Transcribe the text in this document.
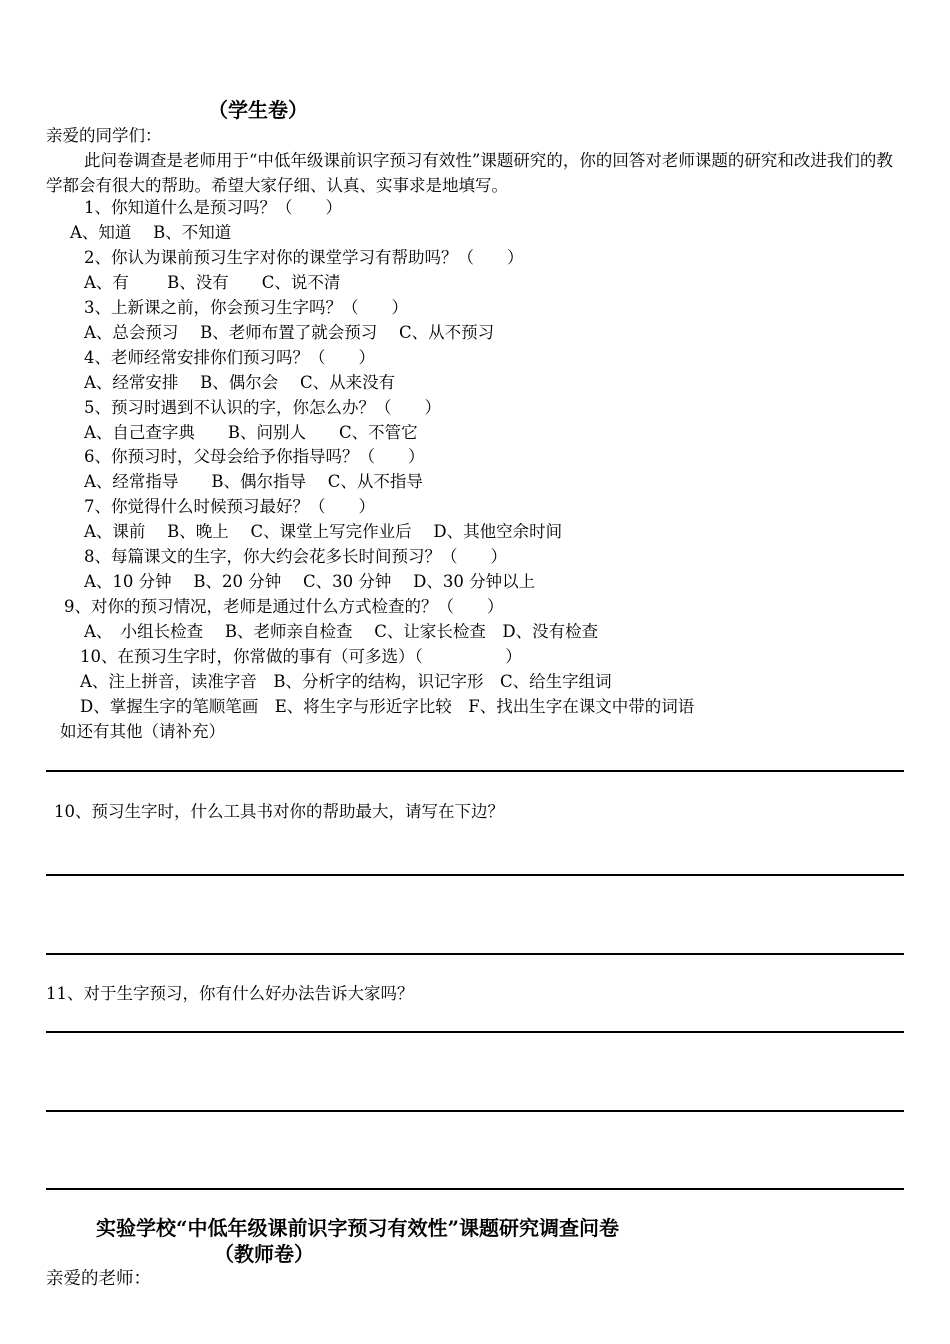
（学生卷）
亲爱的同学们：
此问卷调查是老师用于“中低年级课前识字预习有效性”课题研究的，你的回答对老师课题的研究和改进我们的教学都会有很大的帮助。希望大家仔细、认真、实事求是地填写。
1、你知道什么是预习吗？（　　）
A、知道　 B、不知道
2、你认为课前预习生字对你的课堂学习有帮助吗？（　　）
A、有　　 B、没有　　C、说不清
3、上新课之前，你会预习生字吗？（　　）
A、总会预习　 B、老师布置了就会预习　 C、从不预习
4、老师经常安排你们预习吗？（　　）
A、经常安排　 B、偶尔会　 C、从来没有
5、预习时遇到不认识的字，你怎么办？（　　）
A、自己查字典　　B、问别人　　C、不管它
6、你预习时，父母会给予你指导吗？（　　）
A、经常指导　　B、偶尔指导　 C、从不指导
7、你觉得什么时候预习最好？（　　）
A、课前　 B、晚上　 C、课堂上写完作业后　 D、其他空余时间
8、每篇课文的生字，你大约会花多长时间预习？（　　）
A、10 分钟　 B、20 分钟　 C、30 分钟　 D、30 分钟以上
9、对你的预习情况，老师是通过什么方式检查的？（　　）
A、　小组长检查　 B、老师亲自检查　 C、让家长检查　D、没有检查
10、在预习生字时，你常做的事有（可多选）（　　　　　）
A、注上拼音，读准字音　B、分析字的结构，识记字形　C、给生字组词
D、掌握生字的笔顺笔画　E、将生字与形近字比较　F、找出生字在课文中带的词语
如还有其他（请补充）
10、预习生字时，什么工具书对你的帮助最大，请写在下边？
11、对于生字预习，你有什么好办法告诉大家吗？
实验学校“中低年级课前识字预习有效性”课题研究调查问卷
（教师卷）
亲爱的老师：
